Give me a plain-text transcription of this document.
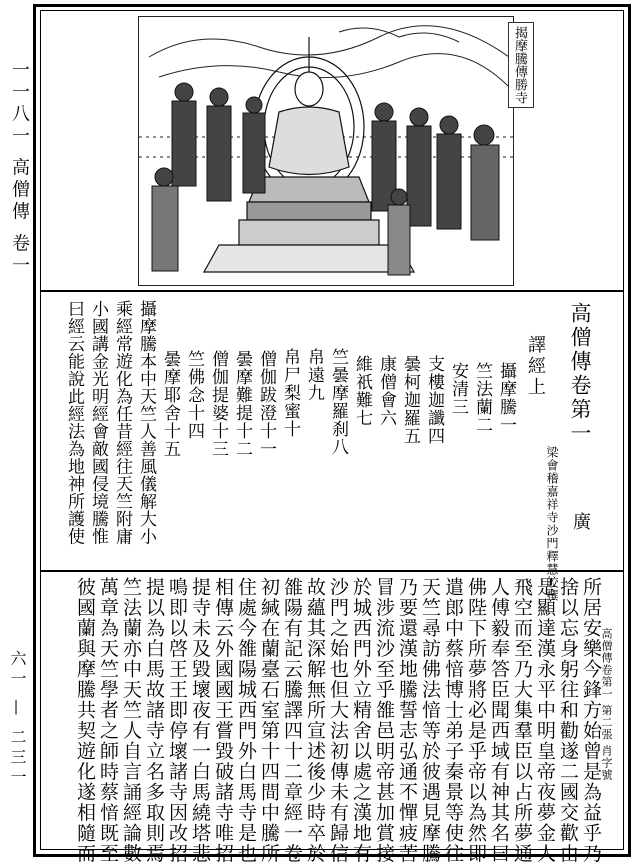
一一八一 高僧傳 卷一
六一 — 二三一
揭摩騰傳勝寺
高僧傳卷第一
梁會稽嘉祥寺沙門釋慧皎撰 廣
譯經上
攝摩騰一
竺法蘭二
安清三
支樓迦讖四
曇柯迦羅五
康僧會六
維祇難七
竺曇摩羅刹八
帛遠九
帛尸梨蜜十
僧伽跋澄十一
曇摩難提十二
僧伽提婆十三
竺佛念十四
曇摩耶舍十五
攝摩騰本中天竺人善風儀解大小
乘經常遊化為任昔經往天竺附庸
小國講金光明經會敵國侵境騰惟
曰經云能說此經法為地神所護使
高僧傳卷第一 第二張 肖字號
所居安樂今鋒方始曾是為益乎乃
捨以忘身躬往和勸遂二國交歡由
是顯達漢永平中明皇帝夜夢金人
飛空而至乃大集羣臣以占所夢通
人傅毅奉答臣聞西域有神其名曰
佛陛下所夢將必是乎帝以為然即
遣郎中蔡愔博士弟子秦景等使往
天竺尋訪佛法愔等於彼遇見摩騰
乃要還漢地騰誓志弘通不憚疲苦
冒涉流沙至乎雒邑明帝甚加賞接
於城西門外立精舍以處之漢地有
沙門之始也但大法初傳未有歸信
故蘊其深解無所宣述後少時卒於
雒陽有記云騰譯四十二章經一卷
初緘在蘭臺石室第十四間中騰所
住處今雒陽城西門外白馬寺是也
相傳云外國國王嘗毀破諸寺唯招
提寺未及毀壞夜有一白馬繞塔悲
鳴即以啓王王即停壞諸寺因改招
提以為白馬故諸寺立名多取則焉
竺法蘭亦中天竺人自言誦經論數
萬章為天竺學者之師時蔡愔既至
彼國蘭與摩騰共契遊化遂相隨而
